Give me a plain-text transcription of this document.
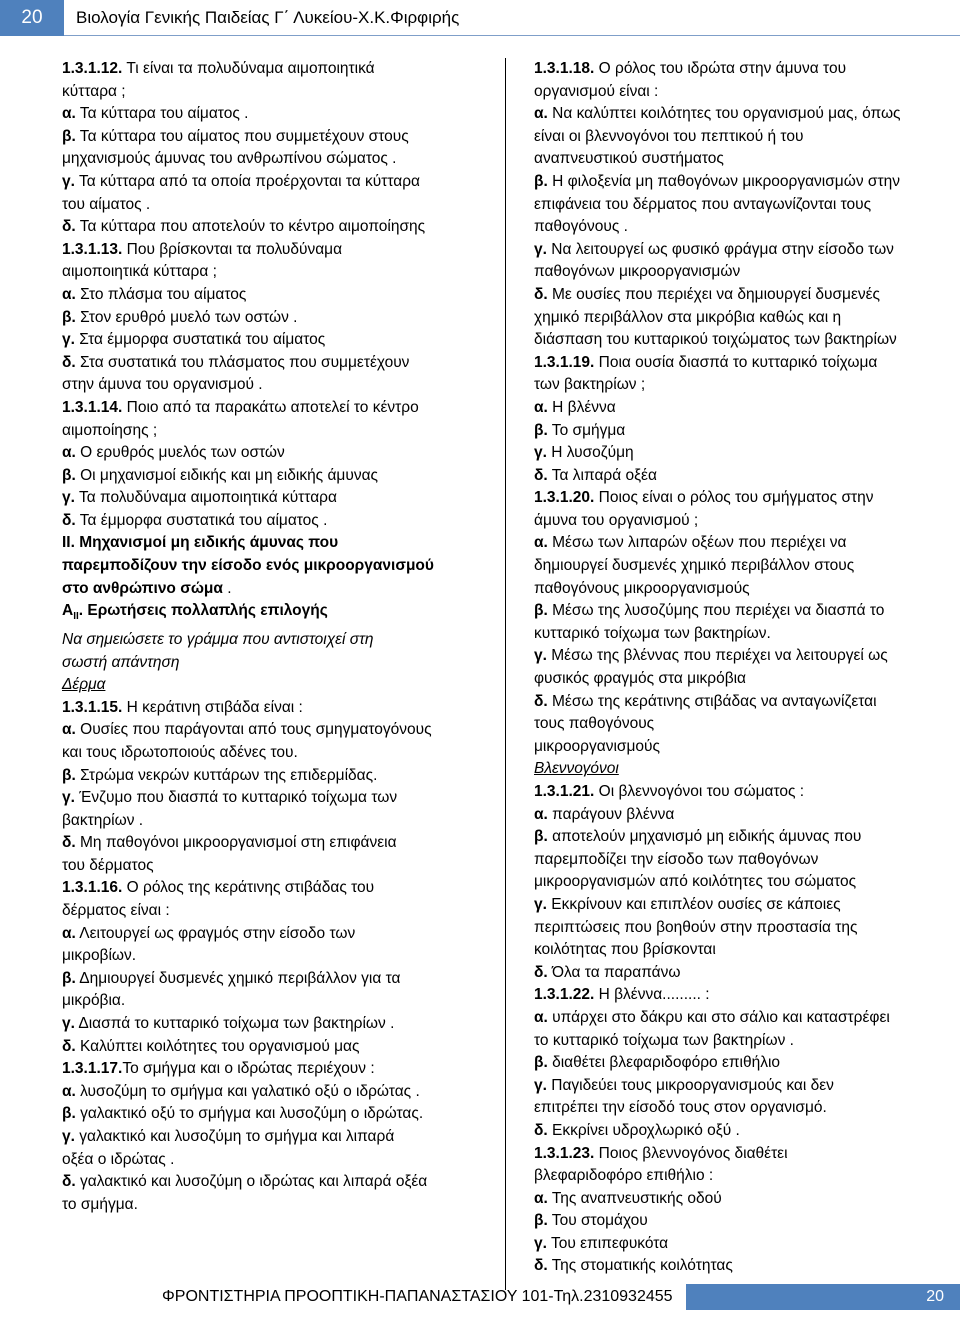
20	Βιολογία Γενικής Παιδείας Γ΄ Λυκείου-Χ.Κ.Φιρφιρής
1.3.1.12. Τι είναι τα πολυδύναμα αιμοποιητικά
κύτταρα ;
α. Τα κύτταρα του αίματος .
β. Τα κύτταρα του αίματος που συμμετέχουν στους
μηχανισμούς άμυνας του ανθρωπίνου σώματος .
γ. Τα κύτταρα από τα οποία προέρχονται τα κύτταρα
του αίματος .
δ. Τα κύτταρα που αποτελούν το κέντρο αιμοποίησης
1.3.1.13. Που βρίσκονται τα πολυδύναμα
αιμοποιητικά κύτταρα ;
α. Στο πλάσμα του αίματος
β. Στον ερυθρό μυελό των οστών .
γ. Στα έμμορφα συστατικά του αίματος
δ. Στα συστατικά του πλάσματος που συμμετέχουν
στην άμυνα του οργανισμού .
1.3.1.14. Ποιο από τα παρακάτω αποτελεί το κέντρο
αιμοποίησης ;
α. Ο ερυθρός μυελός των οστών
β. Οι μηχανισμοί ειδικής και μη ειδικής άμυνας
γ. Τα πολυδύναμα αιμοποιητικά κύτταρα
δ. Τα έμμορφα συστατικά του αίματος .
ΙΙ. Μηχανισμοί μη ειδικής άμυνας που
παρεμποδίζουν την είσοδο ενός μικροοργανισμού
στο ανθρώπινο σώμα .
$A_{II}$. Ερωτήσεις πολλαπλής επιλογής
Να σημειώσετε το γράμμα που αντιστοιχεί στη
σωστή απάντηση
Δέρμα
1.3.1.15. Η κεράτινη στιβάδα είναι :
α. Ουσίες που παράγονται από τους σμηγματογόνους
και τους ιδρωτοποιούς αδένες του.
β. Στρώμα νεκρών κυττάρων της επιδερμίδας.
γ. Ένζυμο που διασπά το κυτταρικό τοίχωμα των
βακτηρίων .
δ. Μη παθογόνοι μικροοργανισμοί στη επιφάνεια
του δέρματος
1.3.1.16. Ο ρόλος της κεράτινης στιβάδας του
δέρματος είναι :
α. Λειτουργεί ως φραγμός στην είσοδο των
μικροβίων.
β. Δημιουργεί δυσμενές χημικό περιβάλλον για τα
μικρόβια.
γ. Διασπά το κυτταρικό τοίχωμα των βακτηρίων .
δ. Καλύπτει κοιλότητες του οργανισμού μας
1.3.1.17.Το σμήγμα και ο ιδρώτας περιέχουν :
α. λυσοζύμη το σμήγμα και γαλατικό οξύ ο ιδρώτας .
β. γαλακτικό οξύ το σμήγμα και λυσοζύμη ο ιδρώτας.
γ. γαλακτικό και λυσοζύμη το σμήγμα και λιπαρά
οξέα ο ιδρώτας .
δ. γαλακτικό και λυσοζύμη ο ιδρώτας και λιπαρά οξέα
το σμήγμα.
1.3.1.18. Ο ρόλος του ιδρώτα στην άμυνα του
οργανισμού είναι :
α. Να καλύπτει κοιλότητες του οργανισμού μας, όπως
είναι οι βλεννογόνοι του πεπτικού ή του
αναπνευστικού συστήματος
β. Η φιλοξενία μη παθογόνων μικροοργανισμών στην
επιφάνεια του δέρματος που ανταγωνίζονται τους
παθογόνους .
γ. Να λειτουργεί ως φυσικό φράγμα στην είσοδο των
παθογόνων μικροοργανισμών
δ. Με ουσίες που περιέχει να δημιουργεί δυσμενές
χημικό περιβάλλον στα μικρόβια καθώς και η
διάσπαση του κυτταρικού τοιχώματος των βακτηρίων
1.3.1.19. Ποια ουσία διασπά το κυτταρικό τοίχωμα
των βακτηρίων ;
α. Η βλέννα
β. Το σμήγμα
γ. Η λυσοζύμη
δ. Τα λιπαρά οξέα
1.3.1.20. Ποιος είναι ο ρόλος του σμήγματος στην
άμυνα του οργανισμού ;
α. Μέσω των λιπαρών οξέων που περιέχει να
δημιουργεί δυσμενές χημικό περιβάλλον στους
παθογόνους μικροοργανισμούς
β. Μέσω της λυσοζύμης που περιέχει να διασπά το
κυτταρικό τοίχωμα των βακτηρίων.
γ. Μέσω της βλέννας που περιέχει να λειτουργεί ως
φυσικός φραγμός στα μικρόβια
δ. Μέσω της κεράτινης στιβάδας να ανταγωνίζεται
τους παθογόνους
μικροοργανισμούς
Βλεννογόνοι
1.3.1.21. Οι βλεννογόνοι του σώματος :
α. παράγουν βλέννα
β. αποτελούν μηχανισμό μη ειδικής άμυνας που
παρεμποδίζει την είσοδο των παθογόνων
μικροοργανισμών από κοιλότητες του σώματος
γ. Εκκρίνουν και επιπλέον ουσίες σε κάποιες
περιπτώσεις που βοηθούν στην προστασία της
κοιλότητας που βρίσκονται
δ. Όλα τα παραπάνω
1.3.1.22. Η βλέννα......... :
α. υπάρχει στο δάκρυ και στο σάλιο και καταστρέφει
το κυτταρικό τοίχωμα των βακτηρίων .
β. διαθέτει βλεφαριδοφόρο επιθήλιο
γ. Παγιδεύει τους μικροοργανισμούς και δεν
επιτρέπει την είσοδό τους στον οργανισμό.
δ. Εκκρίνει υδροχλωρικό οξύ .
1.3.1.23. Ποιος βλεννογόνος διαθέτει
βλεφαριδοφόρο επιθήλιο :
α. Της αναπνευστικής οδού
β. Του στομάχου
γ. Του επιπεφυκότα
δ. Της στοματικής κοιλότητας
ΦΡΟΝΤΙΣΤΗΡΙΑ ΠΡΟΟΠΤΙΚΗ-ΠΑΠΑΝΑΣΤΑΣΙΟΥ 101-Τηλ.2310932455	20
